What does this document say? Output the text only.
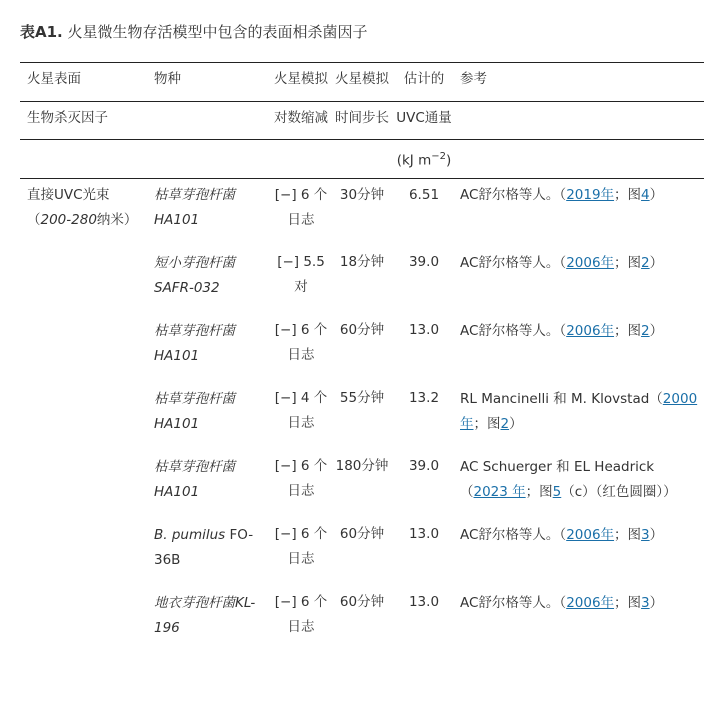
表A1. 火星微生物存活模型中包含的表面相杀菌因子
火星表面	物种	火星模拟	火星模拟	估计的	参考
生物杀灭因子		对数缩减	时间步长	UVC通量	
				(kJ $m^{-2}$)	
直接UVC光束
（200-280纳米）	枯草芽孢杆菌HA101	[−] 6 个日志	30分钟	6.51	AC舒尔格等人。（2019年；图4）
	短小芽孢杆菌SAFR-032	[−] 5.5 对	18分钟	39.0	AC舒尔格等人。（2006年；图2）
	枯草芽孢杆菌HA101	[−] 6 个日志	60分钟	13.0	AC舒尔格等人。（2006年；图2）
	枯草芽孢杆菌HA101	[−] 4 个日志	55分钟	13.2	RL Mancinelli 和 M. Klovstad（2000年；图2）
	枯草芽孢杆菌HA101	[−] 6 个日志	180分钟	39.0	AC Schuerger 和 EL Headrick（2023 年；图5（c）（红色圆圈））
	B. pumilus FO-36B	[−] 6 个日志	60分钟	13.0	AC舒尔格等人。（2006年；图3）
	地衣芽孢杆菌KL-196	[−] 6 个日志	60分钟	13.0	AC舒尔格等人。（2006年；图3）
